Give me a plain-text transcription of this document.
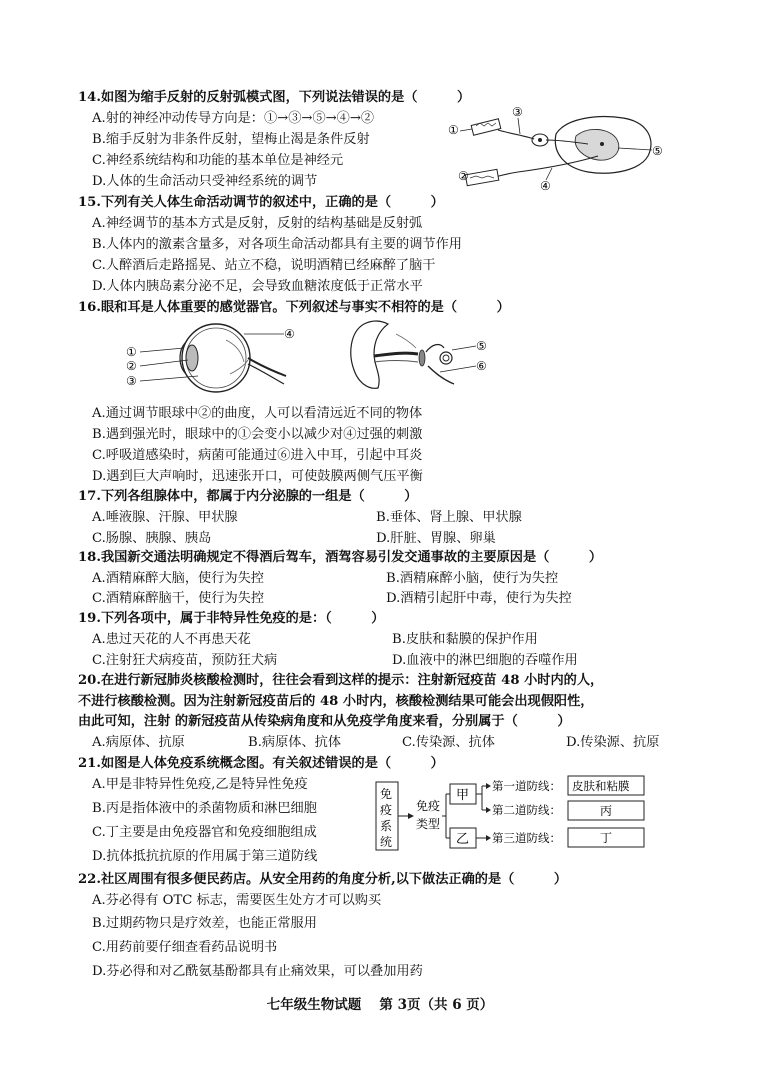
14.如图为缩手反射的反射弧模式图，下列说法错误的是（　　　）
A.射的神经冲动传导方向是：①→③→⑤→④→②
B.缩手反射为非条件反射，望梅止渴是条件反射
C.神经系统结构和功能的基本单位是神经元
D.人体的生命活动只受神经系统的调节
①
②
③
④
⑤
15.下列有关人体生命活动调节的叙述中，正确的是（　　　）
A.神经调节的基本方式是反射，反射的结构基础是反射弧
B.人体内的激素含量多，对各项生命活动都具有主要的调节作用
C.人醉酒后走路摇晃、站立不稳，说明酒精已经麻醉了脑干
D.人体内胰岛素分泌不足，会导致血糖浓度低于正常水平
16.眼和耳是人体重要的感觉器官。下列叙述与事实不相符的是（　　　）
①
②
③
④
⑤
⑥
A.通过调节眼球中②的曲度，人可以看清远近不同的物体
B.遇到强光时，眼球中的①会变小以减少对④过强的刺激
C.呼吸道感染时，病菌可能通过⑥进入中耳，引起中耳炎
D.遇到巨大声响时，迅速张开口，可使鼓膜两侧气压平衡
17.下列各组腺体中，都属于内分泌腺的一组是（　　　）
A.唾液腺、汗腺、甲状腺	B.垂体、肾上腺、甲状腺
C.肠腺、胰腺、胰岛	D.肝脏、胃腺、卵巢
18.我国新交通法明确规定不得酒后驾车，酒驾容易引发交通事故的主要原因是（　　　）
A.酒精麻醉大脑，使行为失控	B.酒精麻醉小脑，使行为失控
C.酒精麻醉脑干，使行为失控	D.酒精引起肝中毒，使行为失控
19.下列各项中，属于非特异性免疫的是：（　　　）
A.患过天花的人不再患天花	B.皮肤和黏膜的保护作用
C.注射狂犬病疫苗，预防狂犬病	D.血液中的淋巴细胞的吞噬作用
20.在进行新冠肺炎核酸检测时，往往会看到这样的提示：注射新冠疫苗 48 小时内的人，
不进行核酸检测。因为注射新冠疫苗后的 48 小时内，核酸检测结果可能会出现假阳性，
由此可知，注射 的新冠疫苗从传染病角度和从免疫学角度来看，分别属于（　　　）
A.病原体、抗原	B.病原体、抗体	C.传染源、抗体	D.传染源、抗原
21.如图是人体免疫系统概念图。有关叙述错误的是（　　　）
A.甲是非特异性免疫,乙是特异性免疫
B.丙是指体液中的杀菌物质和淋巴细胞
C.丁主要是由免疫器官和免疫细胞组成
D.抗体抵抗抗原的作用属于第三道防线
免
疫
系
统
免疫
类型
甲
乙
第一道防线：
第二道防线：
第三道防线：
皮肤和粘膜
丙
丁
22.社区周围有很多便民药店。从安全用药的角度分析,以下做法正确的是（　　　）
A.芬必得有 OTC 标志，需要医生处方才可以购买
B.过期药物只是疗效差，也能正常服用
C.用药前要仔细查看药品说明书
D.芬必得和对乙酰氨基酚都具有止痛效果，可以叠加用药
七年级生物试题　 第 3页（共 6 页）
